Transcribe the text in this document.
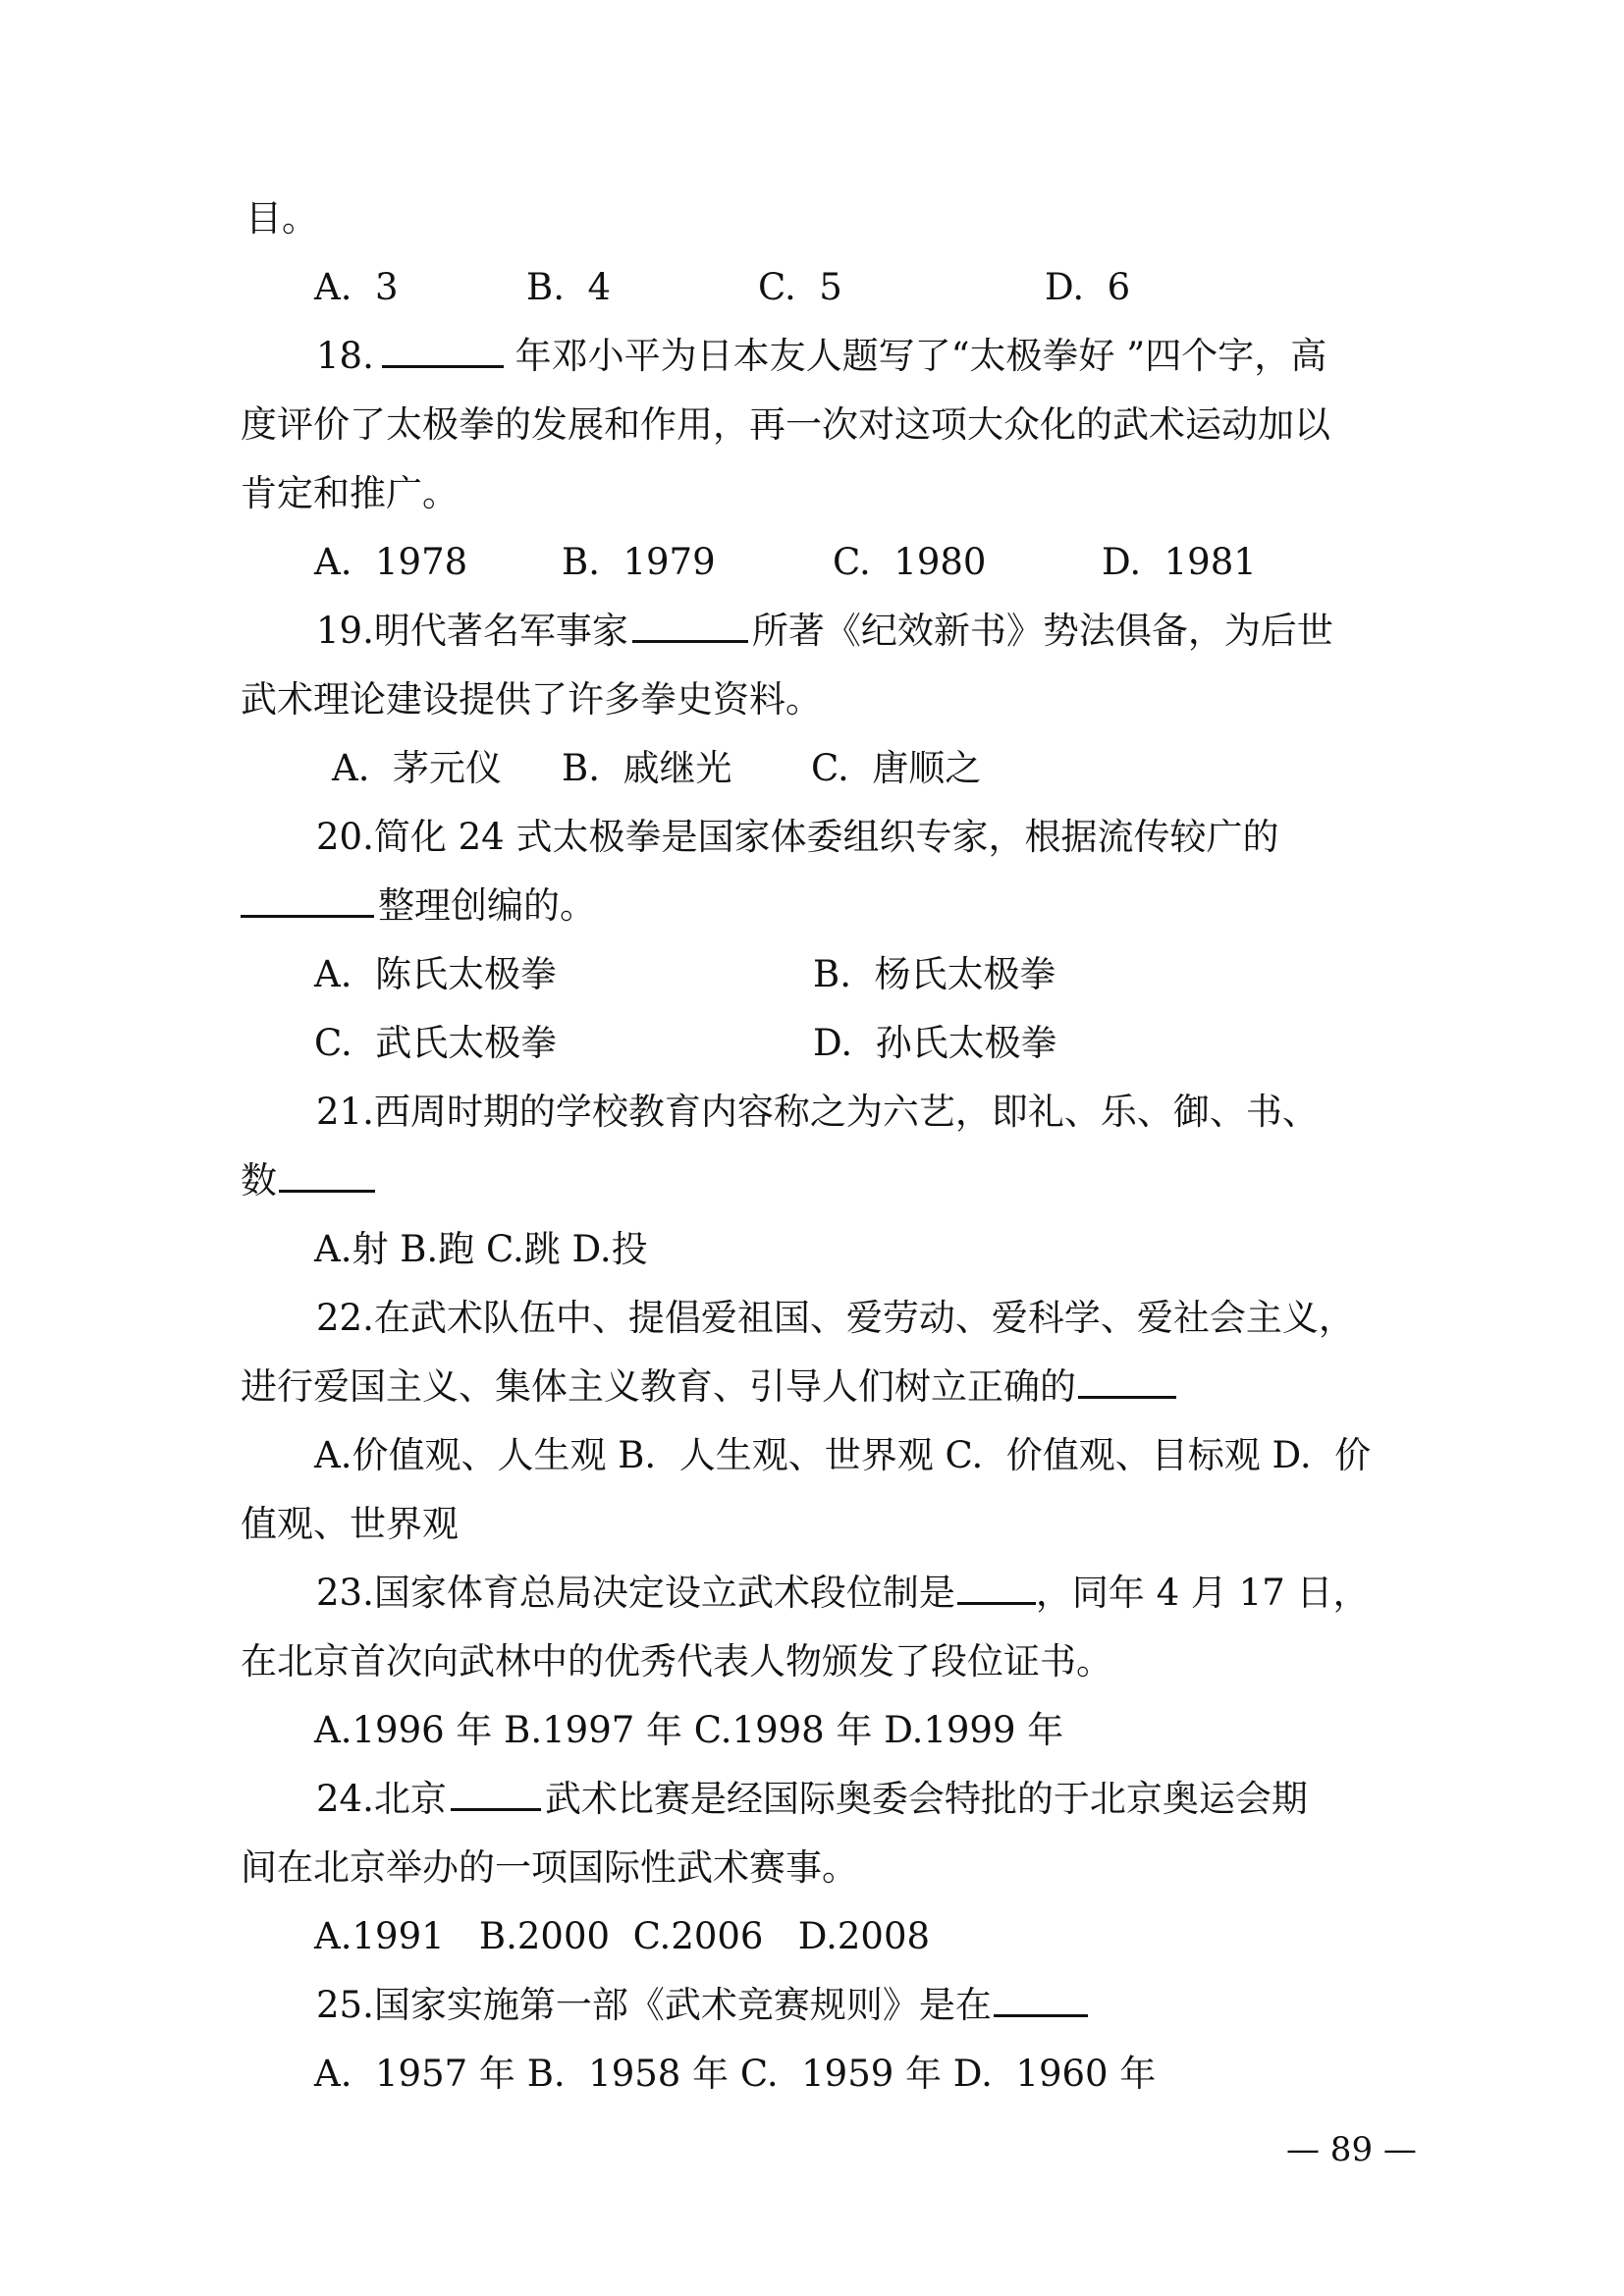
目。

A.  3

	B.  4

	C.  5

	D.  6

18.	年邓小平为日本友人题写了“太极拳好 ”四个字，高
度评价了太极拳的发展和作用，再一次对这项大众化的武术运动加以
肯定和推广。

A.  1978

	B.  1979

	C.  1980

	D.  1981

19.明代著名军事家	所著《纪效新书》势法俱备，为后世
武术理论建设提供了许多拳史资料。

A.  茅元仪

B.  戚继光

C.  唐顺之

20.简化 24 式太极拳是国家体委组织专家，根据流传较广的
整理创编的。

A.  陈氏太极拳

	B.  杨氏太极拳

C.  武氏太极拳

	D.  孙氏太极拳

21.西周时期的学校教育内容称之为六艺，即礼、乐、御、书、
数
A.射 B.跑 C.跳 D.投
22.在武术队伍中、提倡爱祖国、爱劳动、爱科学、爱社会主义，
进行爱国主义、集体主义教育、引导人们树立正确的
A.价值观、人生观 B.  人生观、世界观 C.  价值观、目标观 D.  价
值观、世界观
23.国家体育总局决定设立武术段位制是 ，同年 4 月 17 日，
在北京首次向武林中的优秀代表人物颁发了段位证书。
A.1996 年 B.1997 年 C.1998 年 D.1999 年
24.北京	武术比赛是经国际奥委会特批的于北京奥运会期
间在北京举办的一项国际性武术赛事。
A.1991   B.2000  C.2006   D.2008
25.国家实施第一部《武术竞赛规则》是在
A.  1957 年 B.  1958 年 C.  1959 年 D.  1960 年
— 89 —
